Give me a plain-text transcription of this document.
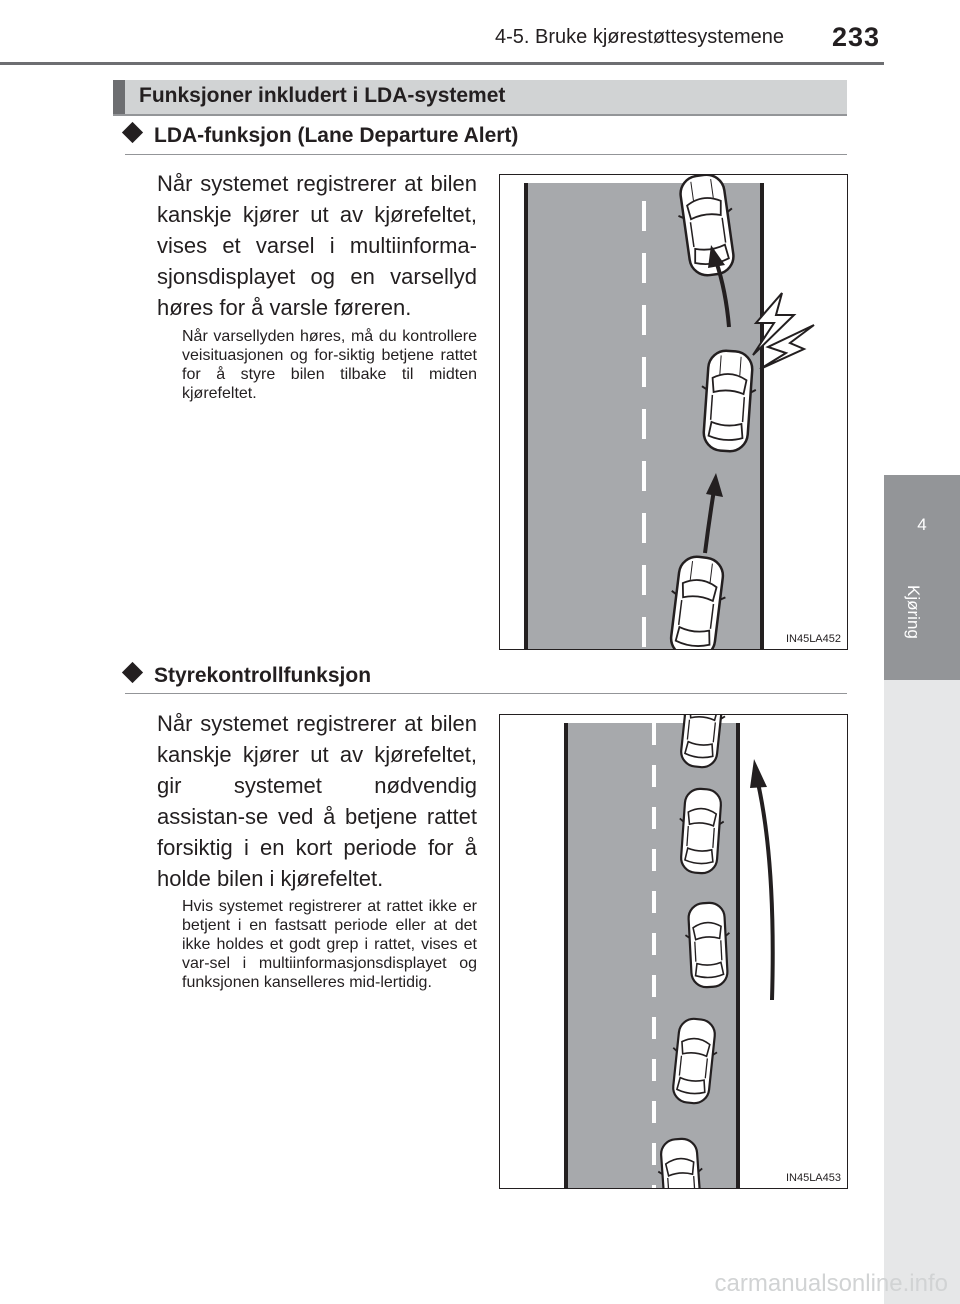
4-5. Bruke kjørestøttesystemene 233
4
Kjøring
Funksjoner inkludert i LDA-systemet
LDA-funksjon (Lane Departure Alert)
Når systemet registrerer at bilen kanskje kjører ut av kjørefeltet, vises et varsel i multiinforma-sjonsdisplayet og en varsellyd høres for å varsle føreren.
Når varsellyden høres, må du kontrollere veisituasjonen og for-siktig betjene rattet for å styre bilen tilbake til midten kjørefeltet.
IN45LA452
Styrekontrollfunksjon
Når systemet registrerer at bilen kanskje kjører ut av kjørefeltet, gir systemet nødvendig assistan-se ved å betjene rattet forsiktig i en kort periode for å holde bilen i kjørefeltet.
Hvis systemet registrerer at rattet ikke er betjent i en fastsatt periode eller at det ikke holdes et godt grep i rattet, vises et var-sel i multiinformasjonsdisplayet og funksjonen kanselleres mid-lertidig.
IN45LA453
carmanualsonline.info
